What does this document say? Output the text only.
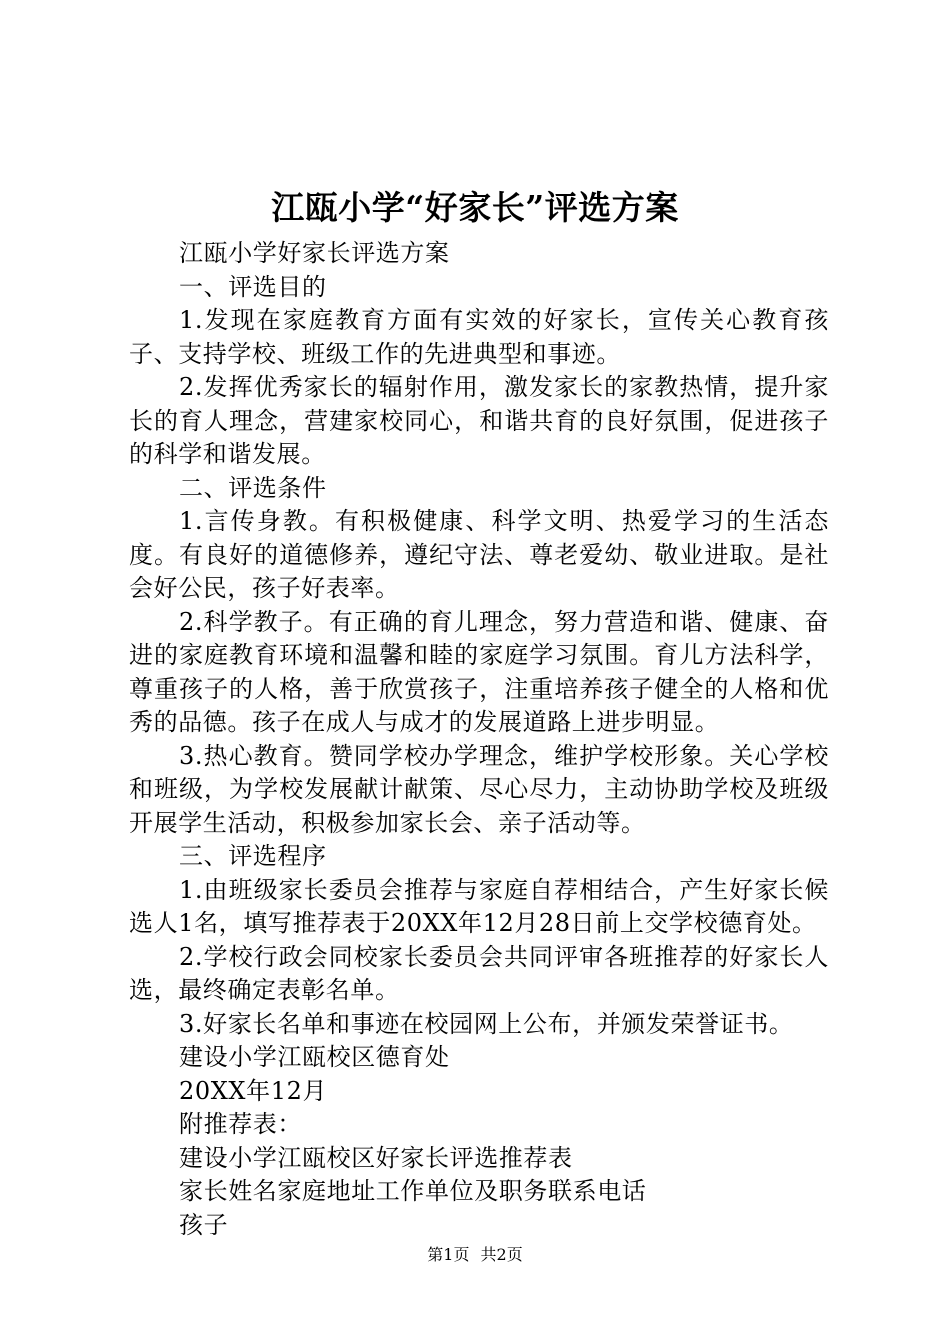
江瓯小学“好家长”评选方案

江瓯小学好家长评选方案

一、评选目的

1.发现在家庭教育方面有实效的好家长，宣传关心教育孩子、支持学校、班级工作的先进典型和事迹。

2.发挥优秀家长的辐射作用，激发家长的家教热情，提升家长的育人理念，营建家校同心，和谐共育的良好氛围，促进孩子的科学和谐发展。

二、评选条件

1.言传身教。有积极健康、科学文明、热爱学习的生活态度。有良好的道德修养，遵纪守法、尊老爱幼、敬业进取。是社会好公民，孩子好表率。

2.科学教子。有正确的育儿理念，努力营造和谐、健康、奋进的家庭教育环境和温馨和睦的家庭学习氛围。育儿方法科学，尊重孩子的人格，善于欣赏孩子，注重培养孩子健全的人格和优秀的品德。孩子在成人与成才的发展道路上进步明显。

3.热心教育。赞同学校办学理念，维护学校形象。关心学校和班级，为学校发展献计献策、尽心尽力，主动协助学校及班级开展学生活动，积极参加家长会、亲子活动等。

三、评选程序

1.由班级家长委员会推荐与家庭自荐相结合，产生好家长候选人1名，填写推荐表于20XX年12月28日前上交学校德育处。

2.学校行政会同校家长委员会共同评审各班推荐的好家长人选，最终确定表彰名单。

3.好家长名单和事迹在校园网上公布，并颁发荣誉证书。

建设小学江瓯校区德育处

20XX年12月

附推荐表：

建设小学江瓯校区好家长评选推荐表

家长姓名家庭地址工作单位及职务联系电话

孩子

第1页 共2页
